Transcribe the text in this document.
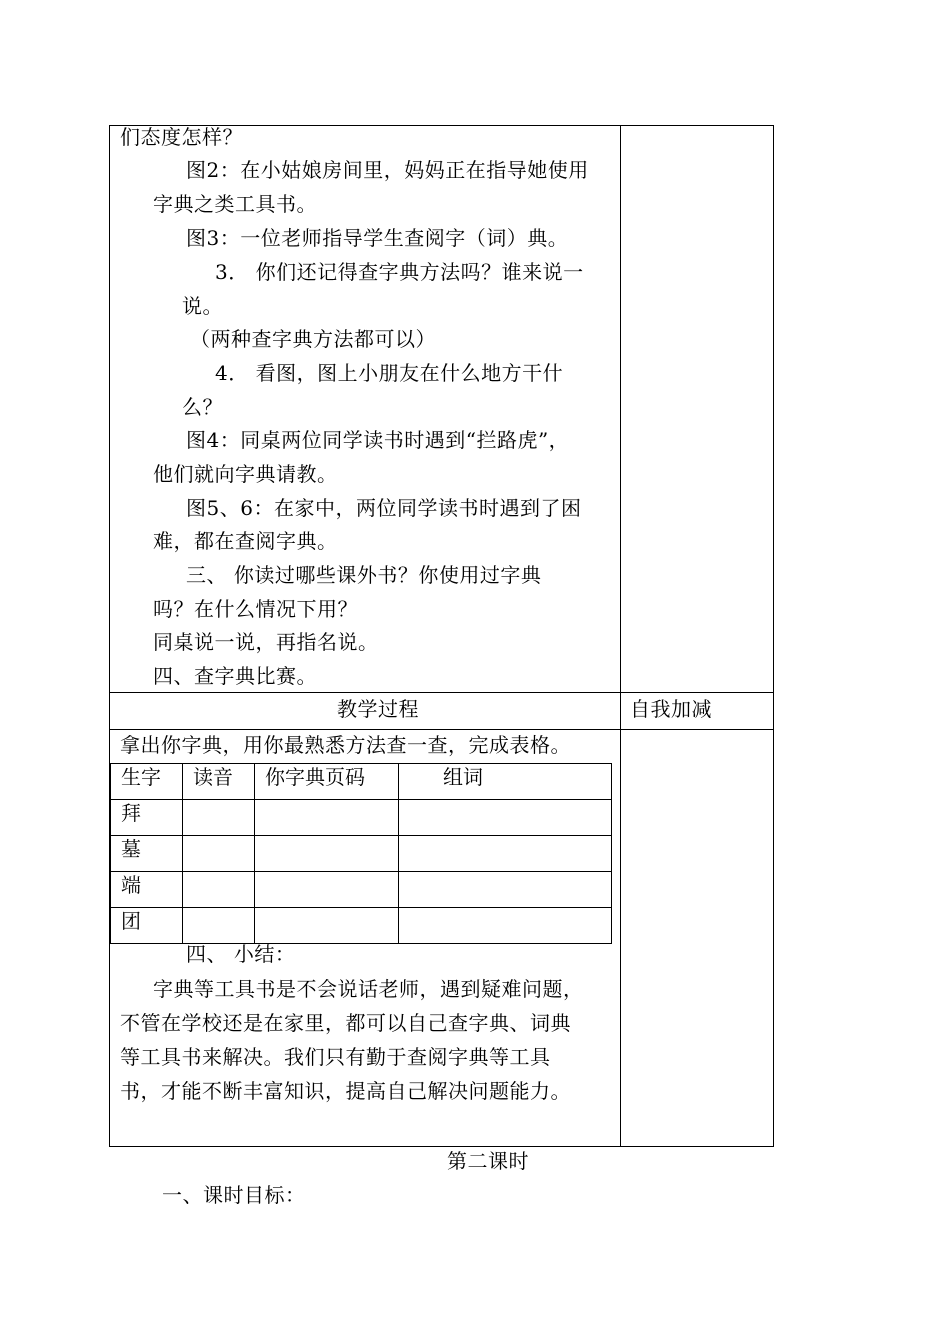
们态度怎样？
图2：在小姑娘房间里，妈妈正在指导她使用
字典之类工具书。
图3：一位老师指导学生查阅字（词）典。
3． 你们还记得查字典方法吗？谁来说一
说。
（两种查字典方法都可以）
4． 看图，图上小朋友在什么地方干什
么？
图4：同桌两位同学读书时遇到“拦路虎”，
他们就向字典请教。
图5、6：在家中，两位同学读书时遇到了困
难，都在查阅字典。
三、 你读过哪些课外书？你使用过字典
吗？在什么情况下用？
同桌说一说，再指名说。
四、查字典比赛。
教学过程	自我加减
拿出你字典，用你最熟悉方法查一查，完成表格。
生字	读音	你字典页码	组词
拜			
墓			
端			
团			
四、 小结：
字典等工具书是不会说话老师，遇到疑难问题，
不管在学校还是在家里，都可以自己查字典、词典
等工具书来解决。我们只有勤于查阅字典等工具
书，才能不断丰富知识，提高自己解决问题能力。
第二课时
一、课时目标：
